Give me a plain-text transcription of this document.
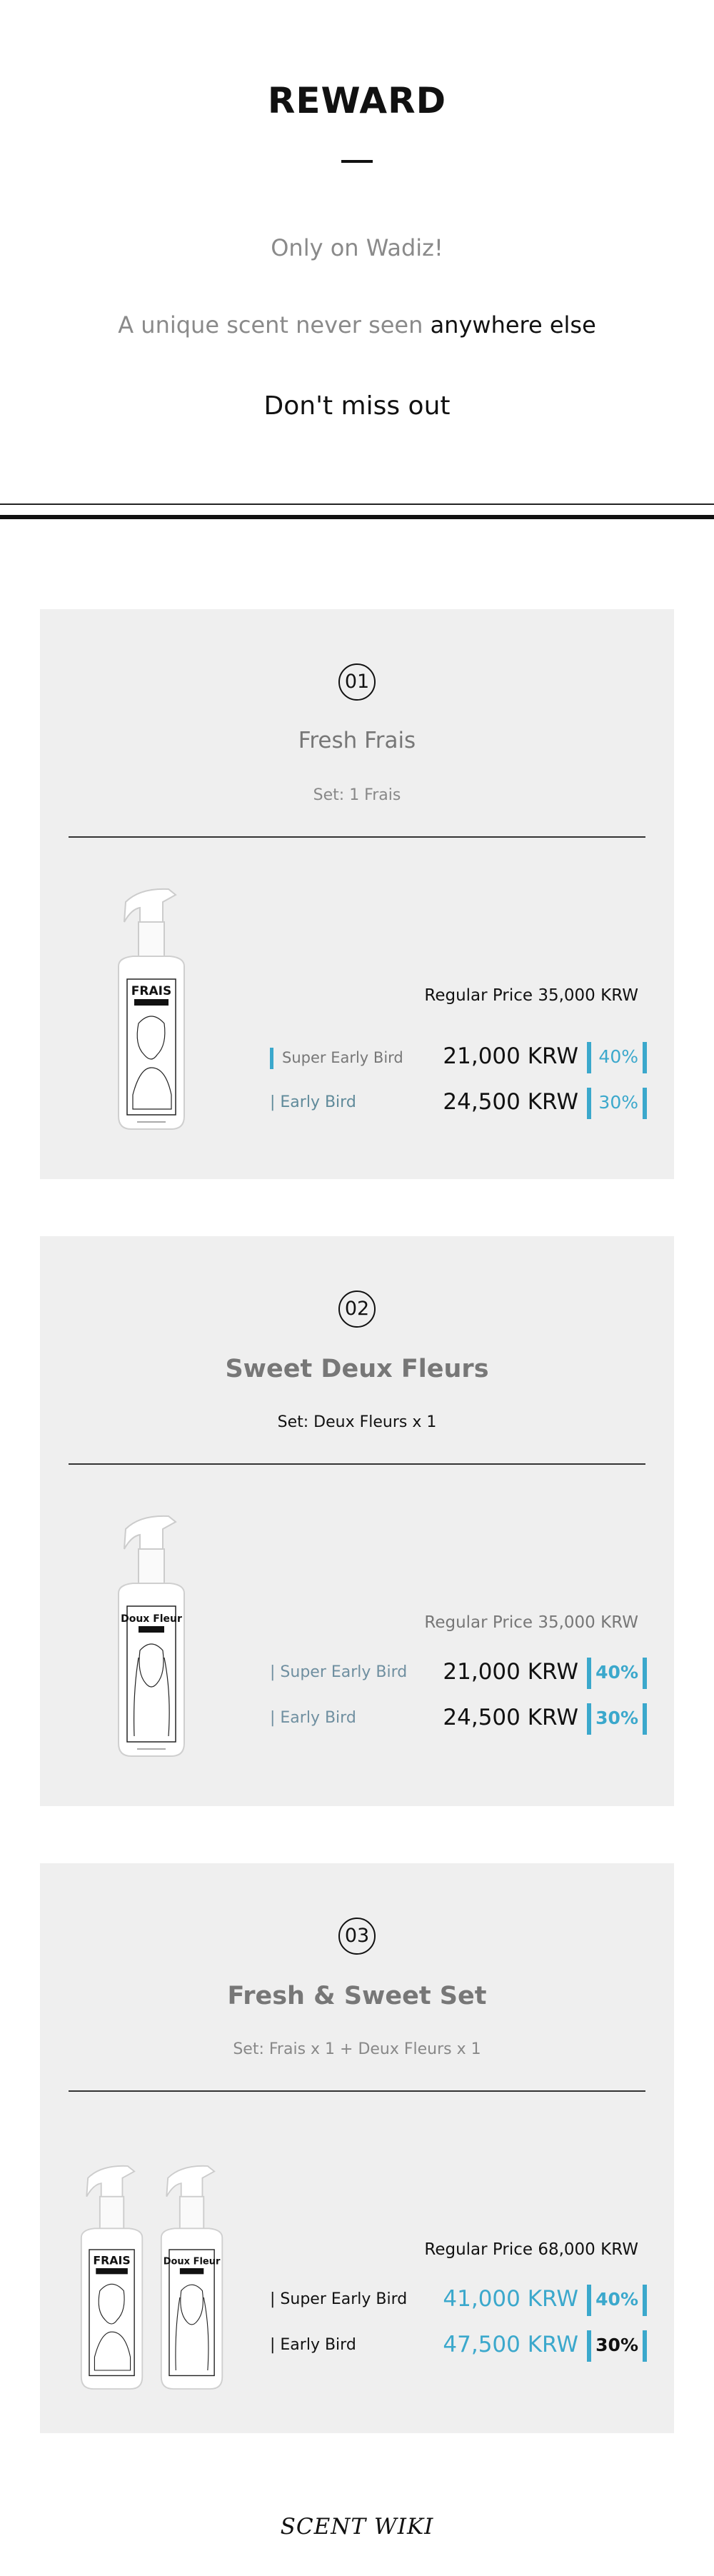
REWARD
Only on Wadiz!
A unique scent never seen anywhere else
Don't miss out
01
Fresh Frais
Set: 1 Frais
FRAIS	Regular Price 35,000 KRW
Super Early Bird 21,000 KRW 40%
| Early Bird	24,500 KRW 30%
02
Sweet Deux Fleurs
Set: Deux Fleurs x 1
Doux Fleur	Regular Price 35,000 KRW
| Super Early Bird 21,000 KRW 40%
| Early Bird	24,500 KRW 30%
03
Fresh & Sweet Set
Set: Frais x 1 + Deux Fleurs x 1
FRAIS	Doux Fleur
Regular Price 68,000 KRW
| Super Early Bird 41,000 KRW 40%
| Early Bird	47,500 KRW 30%
SCENT WIKI
